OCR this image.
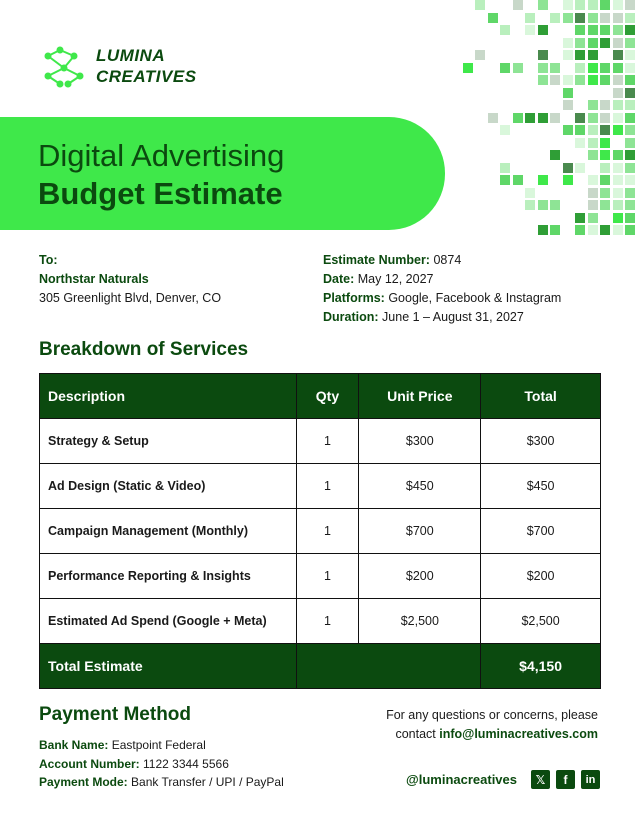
LUMINA
CREATIVES
Digital Advertising
Budget Estimate
To:
Northstar Naturals
305 Greenlight Blvd, Denver, CO
Estimate Number: 0874
Date: May 12, 2027
Platforms: Google, Facebook & Instagram
Duration: June 1 – August 31, 2027
Breakdown of Services
Description	Qty	Unit Price	Total
Strategy & Setup	1	$300	$300
Ad Design (Static & Video)	1	$450	$450
Campaign Management (Monthly)	1	$700	$700
Performance Reporting & Insights	1	$200	$200
Estimated Ad Spend (Google + Meta)	1	$2,500	$2,500
Total Estimate			$4,150
Payment Method
Bank Name: Eastpoint Federal
Account Number: 1122 3344 5566
Payment Mode: Bank Transfer / UPI / PayPal
For any questions or concerns, please
contact info@luminacreatives.com
@luminacreatives	𝕏	f	in
